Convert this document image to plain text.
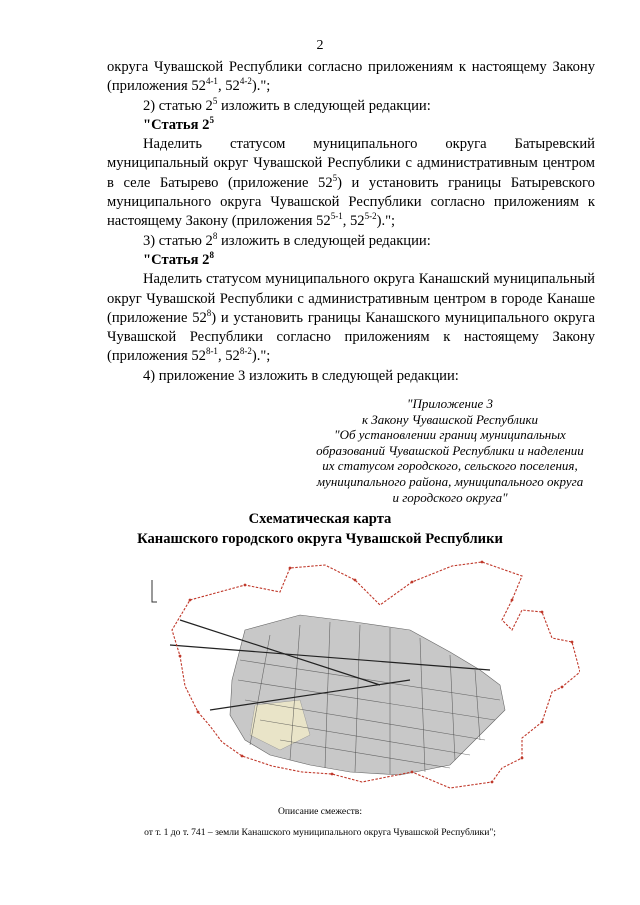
2

округа Чувашской Республики согласно приложениям к настоящему Закону (приложения 52$^{4-1}$, 52$^{4-2}$).";

2) статью $2^5$ изложить в следующей редакции:

"Статья $2^5$

Наделить статусом муниципального округа Батыревский муниципальный округ Чувашской Республики с административным центром в селе Батырево (приложение $52^5$) и установить границы Батыревского муниципального округа Чувашской Республики согласно приложениям к настоящему Закону (приложения 52$^{5-1}$, 52$^{5-2}$).";

3) статью $2^8$ изложить в следующей редакции:

"Статья $2^8$

Наделить статусом муниципального округа Канашский муниципальный округ Чувашской Республики с административным центром в городе Канаше (приложение $52^8$) и установить границы Канашского муниципального округа Чувашской Республики согласно приложениям к настоящему Закону (приложения 52$^{8-1}$, 52$^{8-2}$).";

4) приложение 3 изложить в следующей редакции:

"Приложение 3
к Закону Чувашской Республики
"Об установлении границ муниципальных
образований Чувашской Республики и наделении
их статусом городского, сельского поселения,
муниципального района, муниципального округа
и городского округа"
Схематическая карта
Канашского городского округа Чувашской Республики
Описание смежеств:
от т. 1 до т. 741 – земли Канашского муниципального округа Чувашской Республики";
